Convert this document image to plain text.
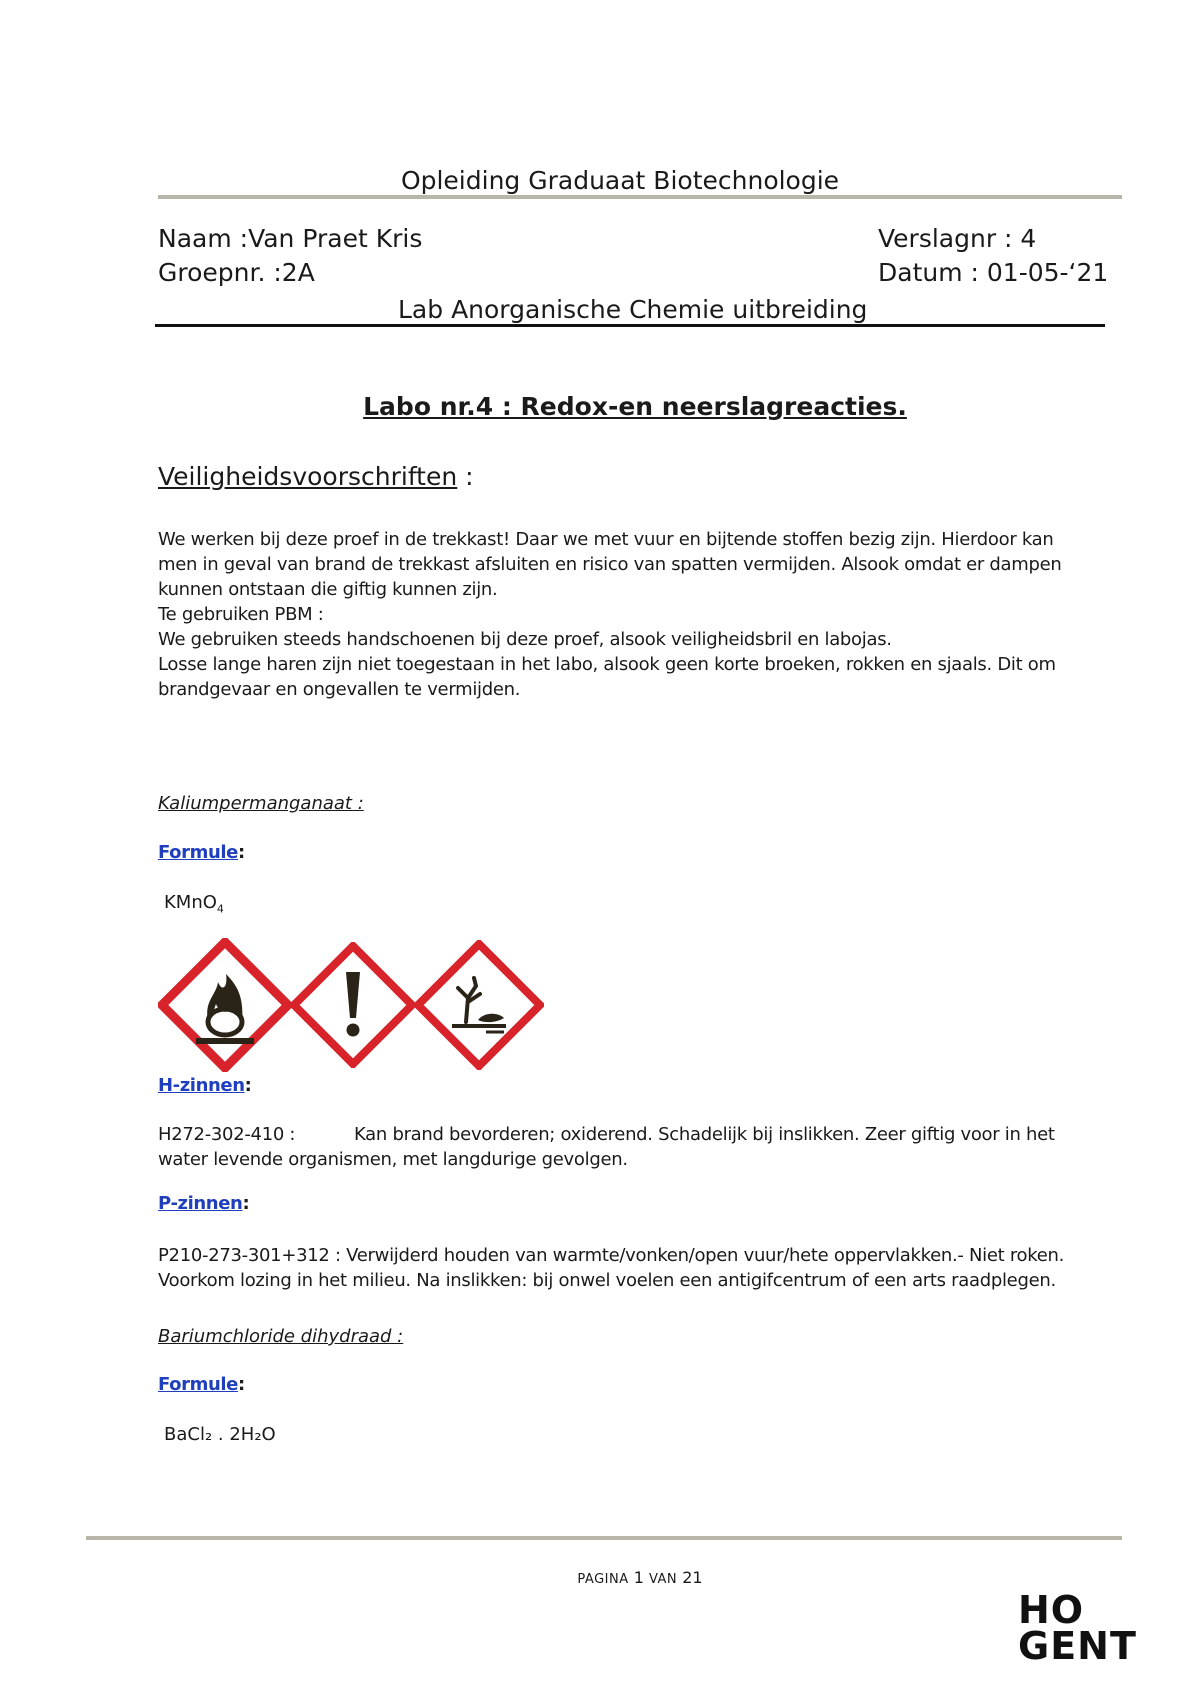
Opleiding Graduaat Biotechnologie
Naam :Van Praet Kris	Verslagnr : 4
Groepnr. :2A	Datum : 01-05-‘21
Lab Anorganische Chemie uitbreiding
Labo nr.4 : Redox-en neerslagreacties.
Veiligheidsvoorschriften :

We werken bij deze proef in de trekkast! Daar we met vuur en bijtende stoffen bezig zijn. Hierdoor kan men in geval van brand de trekkast afsluiten en risico van spatten vermijden. Alsook omdat er dampen kunnen ontstaan die giftig kunnen zijn.

Te gebruiken PBM :

We gebruiken steeds handschoenen bij deze proef, alsook veiligheidsbril en labojas.

Losse lange haren zijn niet toegestaan in het labo, alsook geen korte broeken, rokken en sjaals. Dit om brandgevaar en ongevallen te vermijden.

Kaliumpermanganaat :
Formule:
KMnO$_4$
H-zinnen:
H272-302-410 :	Kan brand bevorderen; oxiderend. Schadelijk bij inslikken. Zeer giftig voor in het
water levende organismen, met langdurige gevolgen.
P-zinnen:
P210-273-301+312 : Verwijderd houden van warmte/vonken/open vuur/hete oppervlakken.- Niet roken.
Voorkom lozing in het milieu. Na inslikken: bij onwel voelen een antigifcentrum of een arts raadplegen.
Bariumchloride dihydraad :
Formule:
BaCl₂ . 2H₂O
PAGINA 1 VAN 21
HO
GENT
